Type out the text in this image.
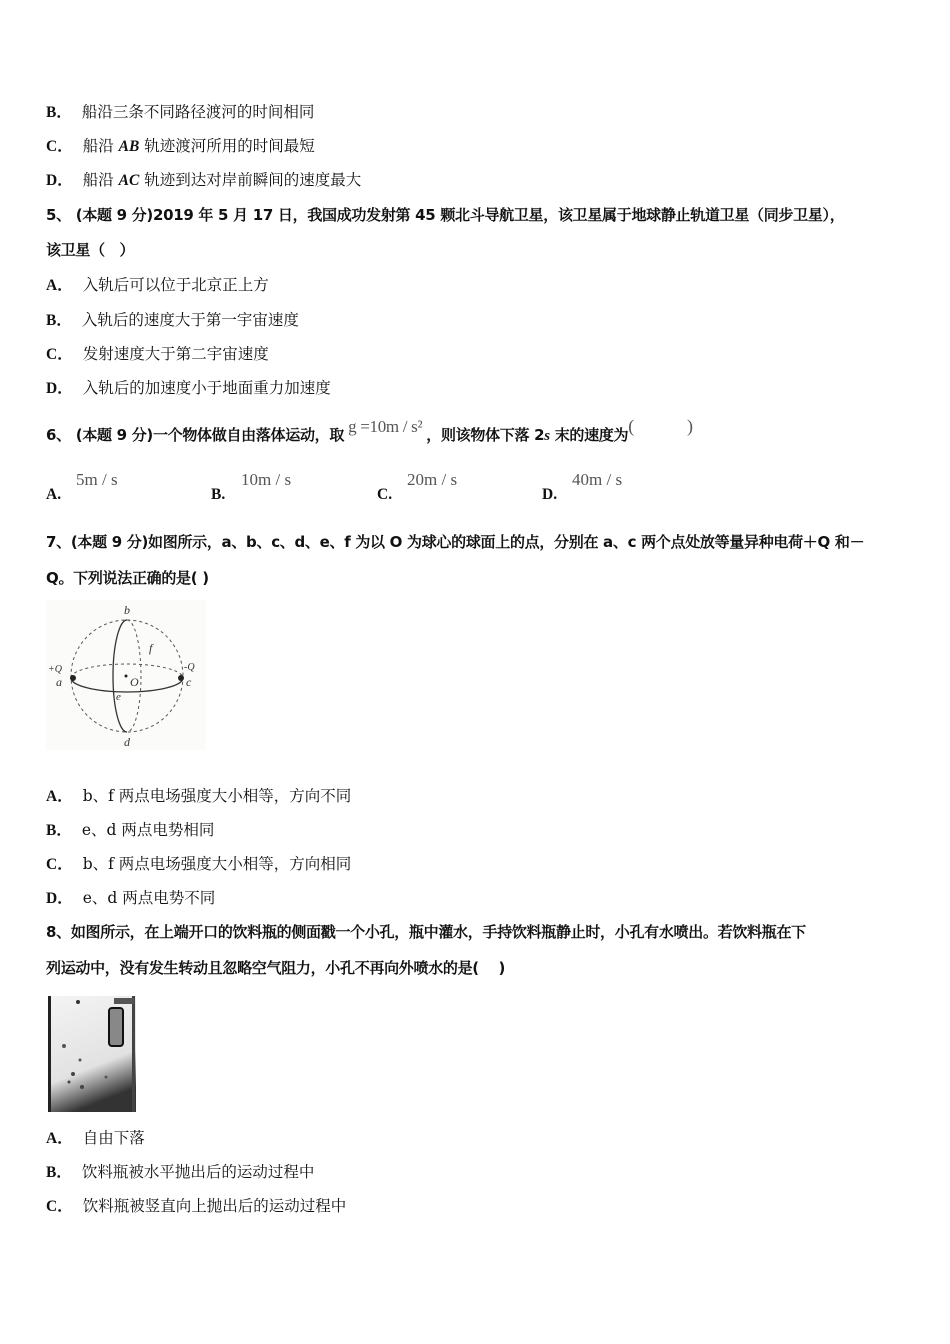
B． 船沿三条不同路径渡河的时间相同
C． 船沿 AB 轨迹渡河所用的时间最短
D． 船沿 AC 轨迹到达对岸前瞬间的速度最大
5、 (本题 9 分)2019 年 5 月 17 日，我国成功发射第 45 颗北斗导航卫星，该卫星属于地球静止轨道卫星（同步卫星），
该卫星（　）
A． 入轨后可以位于北京正上方
B． 入轨后的速度大于第一宇宙速度
C． 发射速度大于第二宇宙速度
D． 入轨后的加速度小于地面重力加速度
6、 (本题 9 分)一个物体做自由落体运动，取 g =10m / s² ，则该物体下落 2s 末的速度为(　　　)
A.
5m / s
B.
10m / s
C.
20m / s
D.
40m / s
7、(本题 9 分)如图所示，a、b、c、d、e、f 为以 O 为球心的球面上的点，分别在 a、c 两个点处放等量异种电荷＋Q 和－
Q。下列说法正确的是( )
b
d
a	c
O
e
f
+Q	-Q
A． b、f 两点电场强度大小相等，方向不同
B． e、d 两点电势相同
C． b、f 两点电场强度大小相等，方向相同
D． e、d 两点电势不同
8、如图所示，在上端开口的饮料瓶的侧面戳一个小孔，瓶中灌水，手持饮料瓶静止时，小孔有水喷出。若饮料瓶在下
列运动中，没有发生转动且忽略空气阻力，小孔不再向外喷水的是(　 )
A． 自由下落
B． 饮料瓶被水平抛出后的运动过程中
C． 饮料瓶被竖直向上抛出后的运动过程中
